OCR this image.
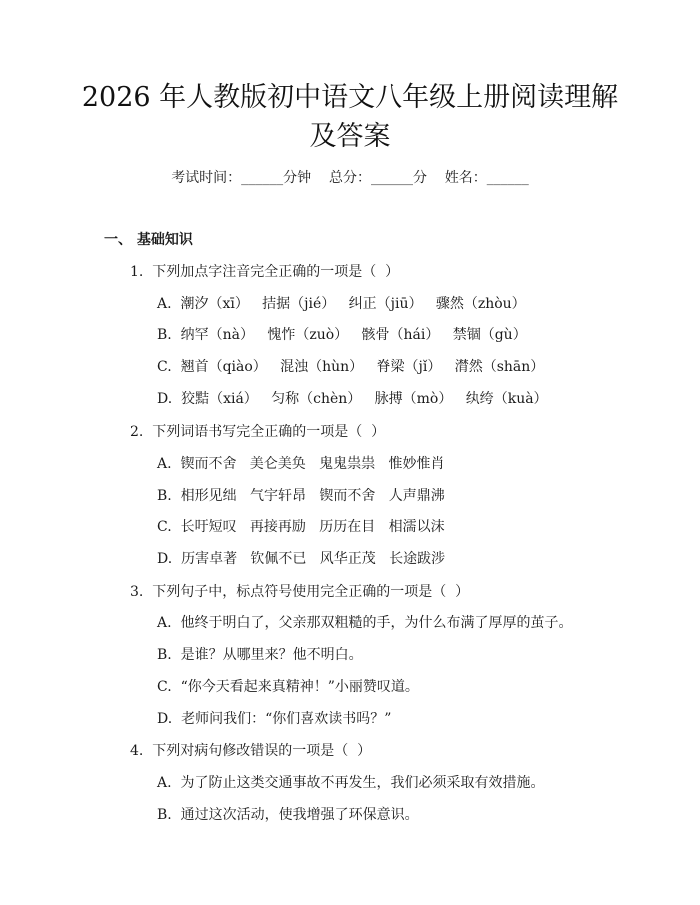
2026 年人教版初中语文八年级上册阅读理解
及答案
考试时间：______分钟    总分：______分    姓名：______
一、 基础知识
1.  下列加点字注音完全正确的一项是（  ）
A.  潮汐（xī）   拮据（jié）   纠正（jiū）   骤然（zhòu）
B.  纳罕（nà）   愧怍（zuò）   骸骨（hái）   禁锢（gù）
C.  翘首（qiào）   混浊（hùn）   脊梁（jǐ）   潸然（shān）
D.  狡黠（xiá）   匀称（chèn）   脉搏（mò）   纨绔（kuà）
2.  下列词语书写完全正确的一项是（  ）
A.  锲而不舍   美仑美奂   鬼鬼祟祟   惟妙惟肖
B.  相形见绌   气宇轩昂   锲而不舍   人声鼎沸
C.  长吁短叹   再接再励   历历在目   相濡以沫
D.  历害卓著   钦佩不已   风华正茂   长途跋涉
3.  下列句子中，标点符号使用完全正确的一项是（  ）
A.  他终于明白了，父亲那双粗糙的手，为什么布满了厚厚的茧子。
B.  是谁？从哪里来？他不明白。
C.  “你今天看起来真精神！”小丽赞叹道。
D.  老师问我们：“你们喜欢读书吗？”
4.  下列对病句修改错误的一项是（  ）
A.  为了防止这类交通事故不再发生，我们必须采取有效措施。
B.  通过这次活动，使我增强了环保意识。
